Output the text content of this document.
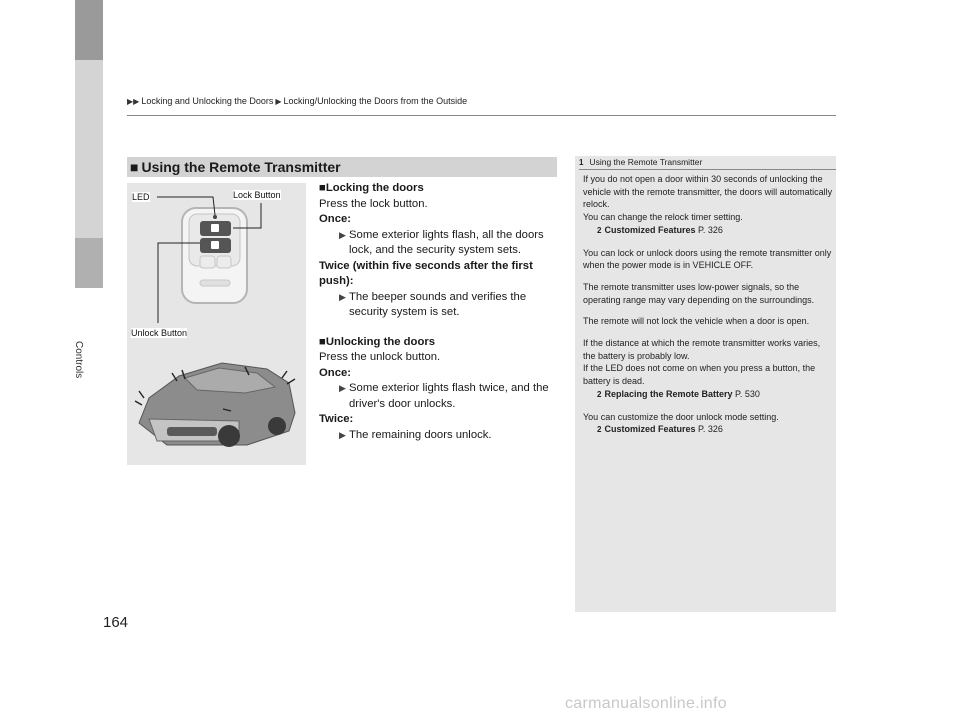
Controls
▶▶ Locking and Unlocking the Doors ▶ Locking/Unlocking the Doors from the Outside
■ Using the Remote Transmitter
LED	Lock Button
Unlock Button
■Locking the doors
Press the lock button.
Once:
▶ Some exterior lights flash, all the doors lock, and the security system sets.
Twice (within five seconds after the first push):
▶ The beeper sounds and verifies the security system is set.
■Unlocking the doors
Press the unlock button.
Once:
▶ Some exterior lights flash twice, and the driver's door unlocks.
Twice:
▶ The remaining doors unlock.
1 Using the Remote Transmitter

If you do not open a door within 30 seconds of unlocking the vehicle with the remote transmitter, the doors will automatically relock.
You can change the relock timer setting.
2 Customized Features P. 326

You can lock or unlock doors using the remote transmitter only when the power mode is in VEHICLE OFF.

The remote transmitter uses low-power signals, so the operating range may vary depending on the surroundings.

The remote will not lock the vehicle when a door is open.

If the distance at which the remote transmitter works varies, the battery is probably low.
If the LED does not come on when you press a button, the battery is dead.
2 Replacing the Remote Battery P. 530

You can customize the door unlock mode setting.
2 Customized Features P. 326

164
carmanualsonline.info
